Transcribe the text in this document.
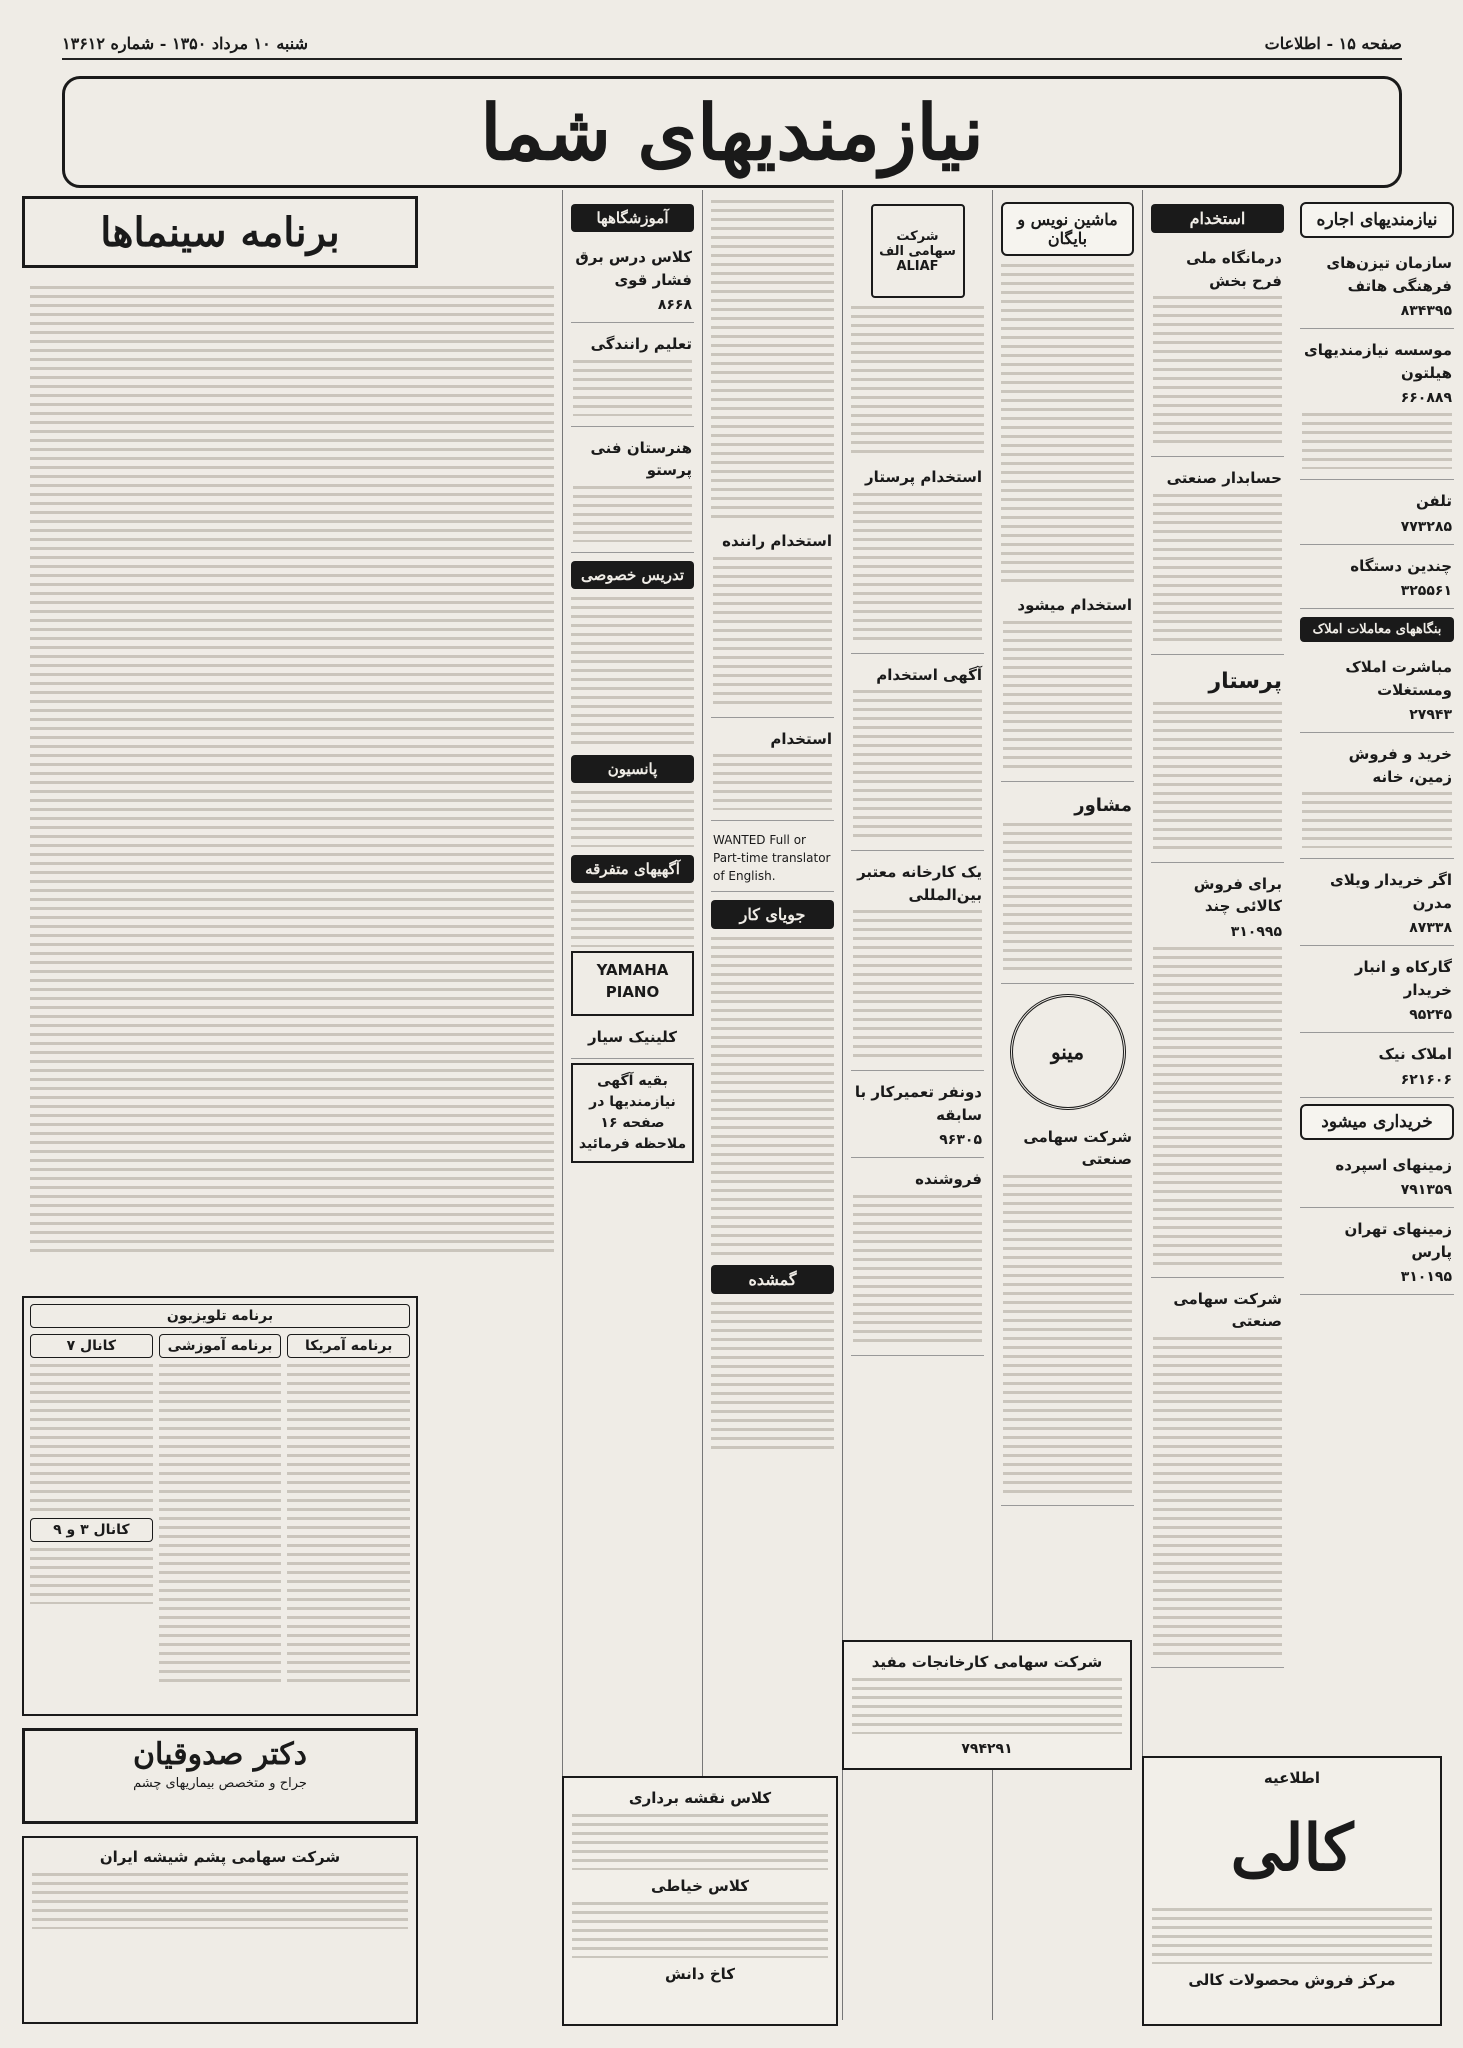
صفحه ۱۵ - اطلاعات
شنبه ۱۰ مرداد ۱۳۵۰ - شماره ۱۳۶۱۲
نیازمندیهای شما
نیازمندیهای اجاره
سازمان تیزن‌های فرهنگی هاتف
۸۳۴۳۹۵
موسسه نیازمندیهای هیلتون
۶۶۰۸۸۹
تلفن
۷۷۳۲۸۵
چندین دستگاه
۳۲۵۵۶۱
بنگاههای معاملات املاک
مباشرت املاک ومستغلات
۲۷۹۴۳
خرید و فروش زمین، خانه
اگر خریدار ویلای مدرن
۸۷۳۳۸
گارکاه و انبار خریدار
۹۵۲۴۵
املاک نیک
۶۲۱۶۰۶
خریداری میشود
زمینهای اسپرده
۷۹۱۳۵۹
زمینهای تهران پارس
۳۱۰۱۹۵
استخدام
درمانگاه ملی فرح بخش
حسابدار صنعتی
پرستار
برای فروش کالائی چند
۳۱۰۹۹۵
شرکت سهامی صنعتی
ماشین نویس و بایگان
استخدام میشود
مشاور
مینو
شرکت سهامی صنعتی
شرکت سهامی الف
ALIAF
استخدام پرستار
آگهی استخدام
یک کارخانه معتبر بین‌المللی
دونفر تعمیرکار با سابقه
۹۶۳۰۵
فروشنده
استخدام راننده
استخدام
WANTED Full or Part-time translator of English.
جویای کار
گمشده
آموزشگاهها
کلاس درس برق فشار قوی
۸۶۶۸
تعلیم رانندگی
هنرستان فنی پرستو
تدریس خصوصی
پانسیون
آگهیهای متفرقه
YAMAHA PIANO
کلینیک سیار
بقیه آگهی نیازمندیها در صفحه ۱۶ ملاحظه فرمائید
برنامه سینماها
برنامه تلویزیون
برنامه آمریکا
برنامه آموزشی
کانال ۷
کانال ۳ و ۹
دکتر صدوقیان
جراح و متخصص بیماریهای چشم
شرکت سهامی پشم شیشه ایران
کلاس نقشه برداری
کلاس خیاطی
کاخ دانش
شرکت سهامی کارخانجات مفید
۷۹۴۲۹۱
اطلاعیه
کالی
مرکز فروش محصولات کالی
